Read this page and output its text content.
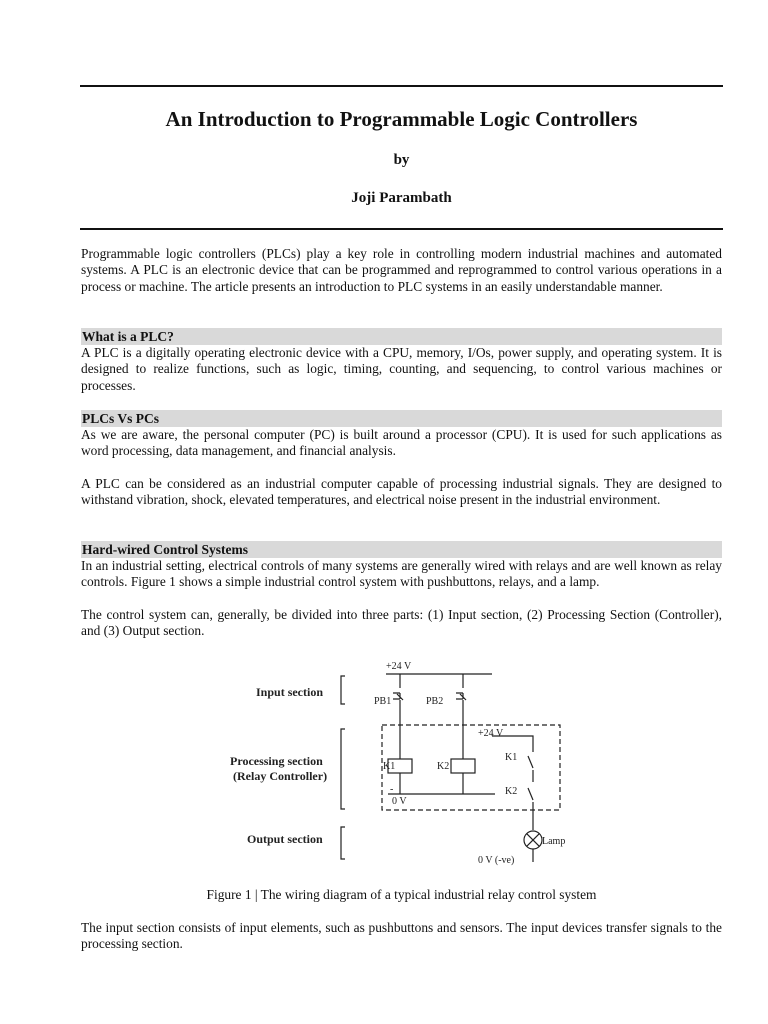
An Introduction to Programmable Logic Controllers
by
Joji Parambath

Programmable logic controllers (PLCs) play a key role in controlling modern industrial machines and automated systems. A PLC is an electronic device that can be programmed and reprogrammed to control various operations in a process or machine. The article presents an introduction to PLC systems in an easily understandable manner.

What is a PLC?

A PLC is a digitally operating electronic device with a CPU, memory, I/Os, power supply, and operating system. It is designed to realize functions, such as logic, timing, counting, and sequencing, to control various machines or processes.

PLCs Vs PCs

As we are aware, the personal computer (PC) is built around a processor (CPU). It is used for such applications as word processing, data management, and financial analysis.

A PLC can be considered as an industrial computer capable of processing industrial signals. They are designed to withstand vibration, shock, elevated temperatures, and electrical noise present in the industrial environment.

Hard-wired Control Systems

In an industrial setting, electrical controls of many systems are generally wired with relays and are well known as relay controls. Figure 1 shows a simple industrial control system with pushbuttons, relays, and a lamp.

The control system can, generally, be divided into three parts: (1) Input section, (2) Processing Section (Controller), and (3) Output section.

Input section
Processing section
(Relay Controller)
Output section
+24 V
PB1	PB2
+24 V
K1	K2
K1
K2
-
0 V
Lamp
0 V (-ve)
Figure 1 | The wiring diagram of a typical industrial relay control system

The input section consists of input elements, such as pushbuttons and sensors. The input devices transfer signals to the processing section.
